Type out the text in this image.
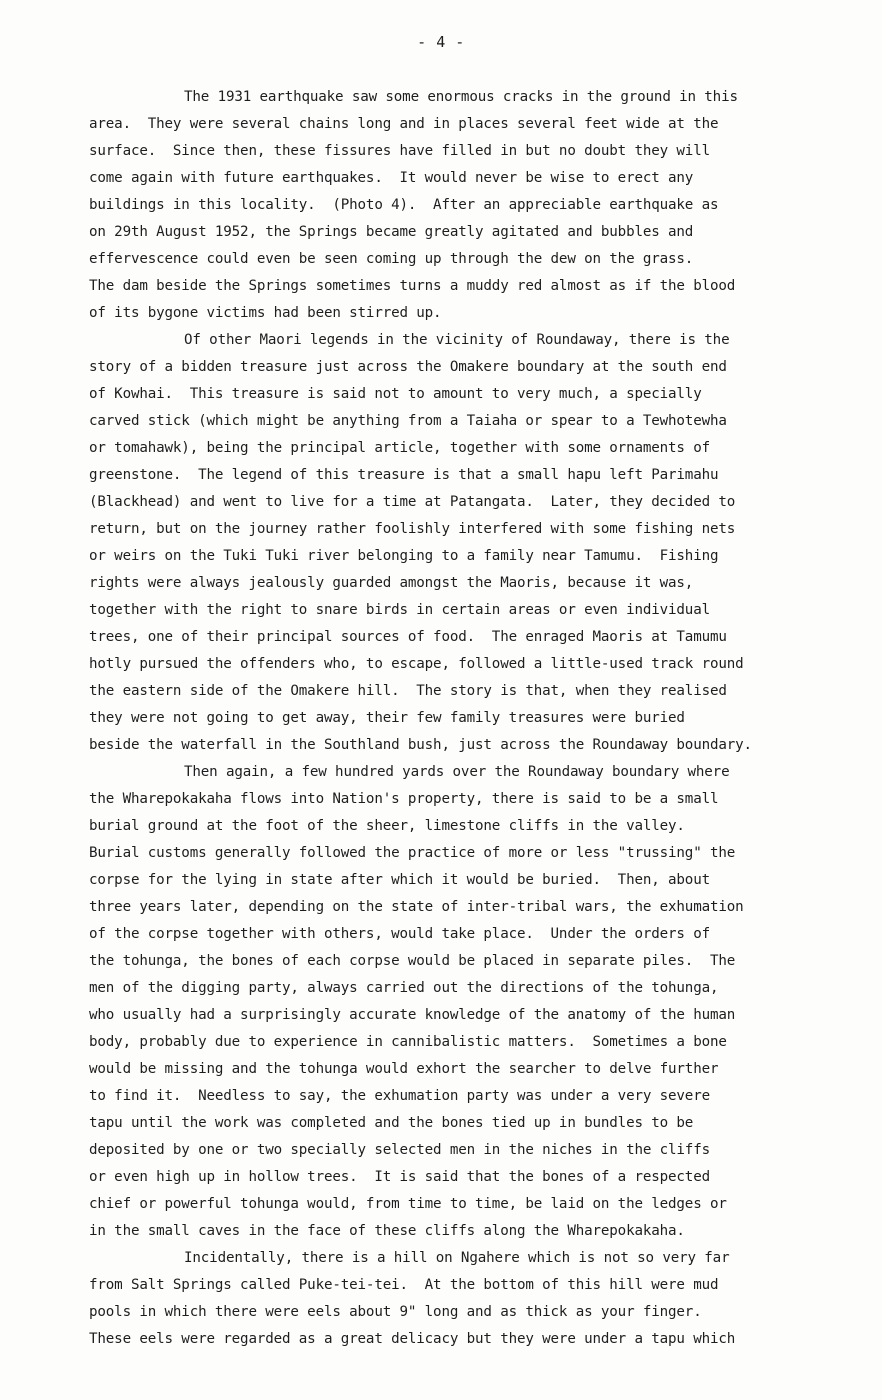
- 4 -
The 1931 earthquake saw some enormous cracks in the ground in this
area.  They were several chains long and in places several feet wide at the
surface.  Since then, these fissures have filled in but no doubt they will
come again with future earthquakes.  It would never be wise to erect any
buildings in this locality.  (Photo 4).  After an appreciable earthquake as
on 29th August 1952, the Springs became greatly agitated and bubbles and
effervescence could even be seen coming up through the dew on the grass.
The dam beside the Springs sometimes turns a muddy red almost as if the blood
of its bygone victims had been stirred up.
Of other Maori legends in the vicinity of Roundaway, there is the
story of a bidden treasure just across the Omakere boundary at the south end
of Kowhai.  This treasure is said not to amount to very much, a specially
carved stick (which might be anything from a Taiaha or spear to a Tewhotewha
or tomahawk), being the principal article, together with some ornaments of
greenstone.  The legend of this treasure is that a small hapu left Parimahu
(Blackhead) and went to live for a time at Patangata.  Later, they decided to
return, but on the journey rather foolishly interfered with some fishing nets
or weirs on the Tuki Tuki river belonging to a family near Tamumu.  Fishing
rights were always jealously guarded amongst the Maoris, because it was,
together with the right to snare birds in certain areas or even individual
trees, one of their principal sources of food.  The enraged Maoris at Tamumu
hotly pursued the offenders who, to escape, followed a little-used track round
the eastern side of the Omakere hill.  The story is that, when they realised
they were not going to get away, their few family treasures were buried
beside the waterfall in the Southland bush, just across the Roundaway boundary.
Then again, a few hundred yards over the Roundaway boundary where
the Wharepokakaha flows into Nation's property, there is said to be a small
burial ground at the foot of the sheer, limestone cliffs in the valley.
Burial customs generally followed the practice of more or less "trussing" the
corpse for the lying in state after which it would be buried.  Then, about
three years later, depending on the state of inter-tribal wars, the exhumation
of the corpse together with others, would take place.  Under the orders of
the tohunga, the bones of each corpse would be placed in separate piles.  The
men of the digging party, always carried out the directions of the tohunga,
who usually had a surprisingly accurate knowledge of the anatomy of the human
body, probably due to experience in cannibalistic matters.  Sometimes a bone
would be missing and the tohunga would exhort the searcher to delve further
to find it.  Needless to say, the exhumation party was under a very severe
tapu until the work was completed and the bones tied up in bundles to be
deposited by one or two specially selected men in the niches in the cliffs
or even high up in hollow trees.  It is said that the bones of a respected
chief or powerful tohunga would, from time to time, be laid on the ledges or
in the small caves in the face of these cliffs along the Wharepokakaha.
Incidentally, there is a hill on Ngahere which is not so very far
from Salt Springs called Puke-tei-tei.  At the bottom of this hill were mud
pools in which there were eels about 9" long and as thick as your finger.
These eels were regarded as a great delicacy but they were under a tapu which
